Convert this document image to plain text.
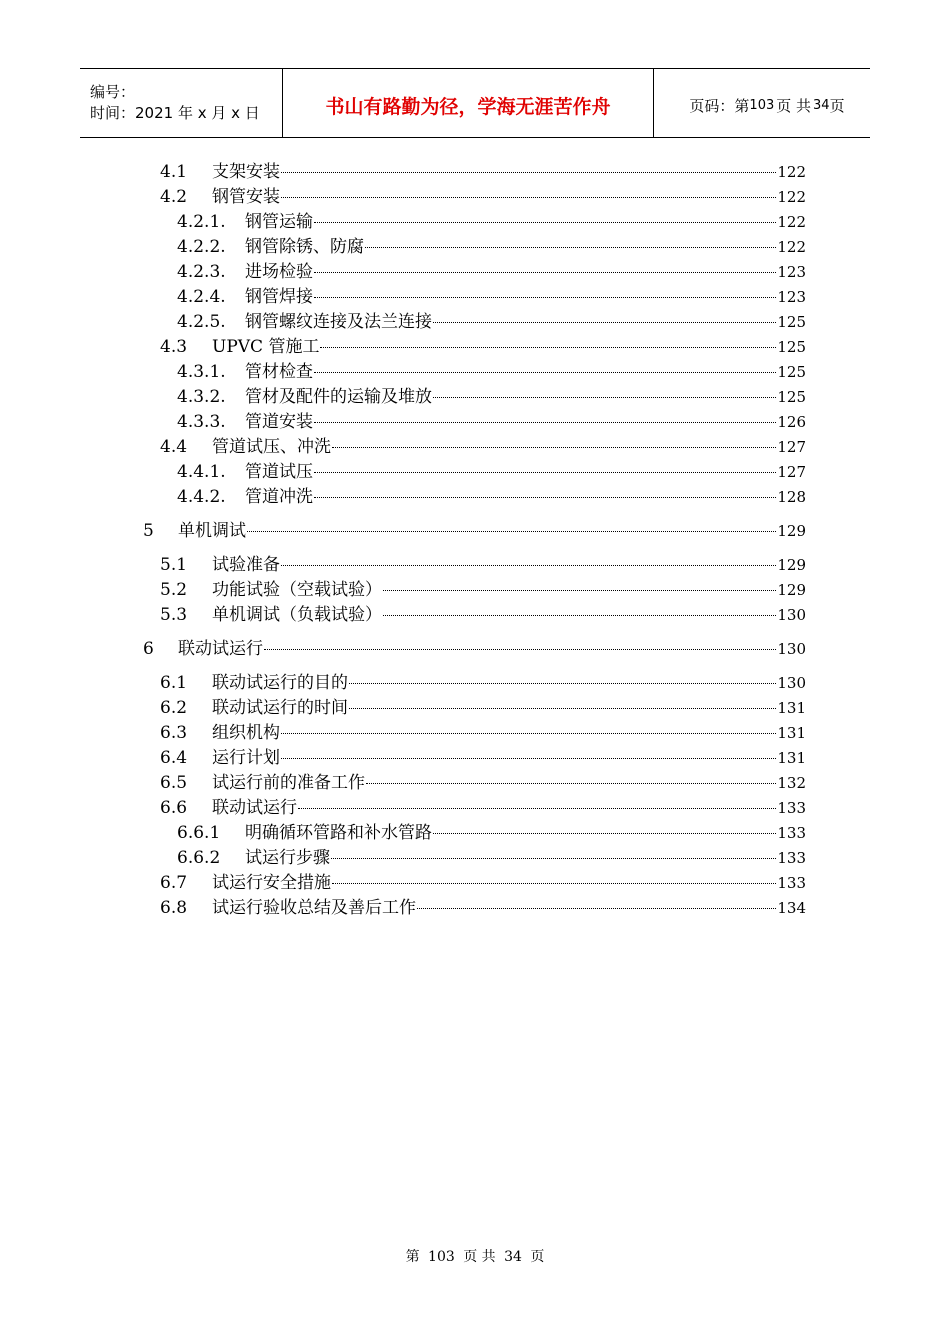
编号：
时间：2021 年 x 月 x 日	书山有路勤为径，学海无涯苦作舟	页码：第 103 页 共 34 页
4.1	支架安装	122
4.2	钢管安装	122
4.2.1.	钢管运输	122
4.2.2.	钢管除锈、防腐	122
4.2.3.	进场检验	123
4.2.4.	钢管焊接	123
4.2.5.	钢管螺纹连接及法兰连接	125
4.3	UPVC 管施工	125
4.3.1.	管材检查	125
4.3.2.	管材及配件的运输及堆放	125
4.3.3.	管道安装	126
4.4	管道试压、冲洗	127
4.4.1.	管道试压	127
4.4.2.	管道冲洗	128
5	单机调试	129
5.1	试验准备	129
5.2	功能试验（空载试验）	129
5.3	单机调试（负载试验）	130
6	联动试运行	130
6.1	联动试运行的目的	130
6.2	联动试运行的时间	131
6.3	组织机构	131
6.4	运行计划	131
6.5	试运行前的准备工作	132
6.6	联动试运行	133
6.6.1	明确循环管路和补水管路	133
6.6.2	试运行步骤	133
6.7	试运行安全措施	133
6.8	试运行验收总结及善后工作	134
第 103 页 共 34 页
